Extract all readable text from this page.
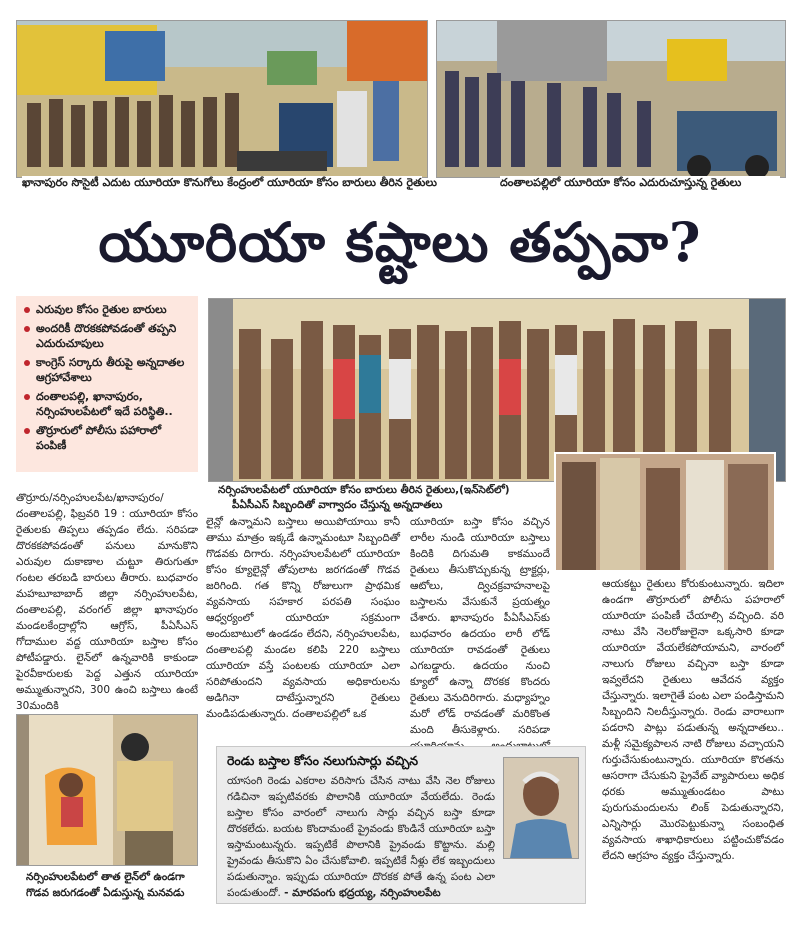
ఖానాపురం సొసైటీ ఎదుట యూరియా కొనుగోలు కేంద్రంలో యూరియా కోసం బారులు తీరిన రైతులు	దంతాలపల్లిలో యూరియా కోసం ఎదురుచూస్తున్న రైతులు
యూరియా కష్టాలు తప్పవా?
ఎరువుల కోసం రైతుల బారులు
అందరికీ దొరకకపోవడంతో తప్పని ఎదురుచూపులు
కాంగ్రెస్ సర్కారు తీరుపై అన్నదాతల ఆగ్రహావేశాలు
దంతాలపల్లి, ఖానాపురం, నర్సింహులపేటలో ఇదే పరిస్థితి..
తొర్రూరులో పోలీసు పహారాలో పంపిణీ
నర్సింహులపేటలో యూరియా కోసం బారులు తీరిన రైతులు,(ఇన్‌సెట్‌లో)
పీఏసీఎస్ సిబ్బందితో వాగ్వాదం చేస్తున్న అన్నదాతలు
తొర్రూరు/నర్సింహులపేట/ఖానాపురం/దంతాలపల్లి, ఫిబ్రవరి 19 : యూరియా కోసం రైతులకు తిప్పలు తప్పడం లేదు. సరిపడా దొరకకపోవడంతో పనులు మానుకొని ఎరువుల దుకాణాల చుట్టూ తిరుగుతూ గంటల తరబడి బారులు తీరారు. బుధవారం మహబూబాబాద్ జిల్లా నర్సింహులపేట, దంతాలపల్లి, వరంగల్ జిల్లా ఖానాపురం మండలకేంద్రాల్లోని ఆగ్రోస్, పీఏసీఎస్ గోదాముల వద్ద యూరియా బస్తాల కోసం పోటీపడ్డారు. లైన్‌లో ఉన్నవారికి కాకుండా పైరవీకారులకు పెద్ద ఎత్తున యూరియా అమ్ముతున్నారని, 300 ఉంచి బస్తాలు ఉంటే 30మందికి
లైన్లో ఉన్నామని బస్తాలు అయిపోయాయి కానీ తాము మాత్రం ఇక్కడే ఉన్నామంటూ సిబ్బందితో గొడవకు దిగారు. నర్సింహులపేటలో యూరియా కోసం క్యూలైన్లో తోపులాట జరగడంతో గొడవ జరిగింది. గత కొన్ని రోజులుగా ప్రాథమిక వ్యవసాయ సహకార పరపతి సంఘం ఆధ్వర్యంలో యూరియా సక్రమంగా అందుబాటులో ఉండడం లేదని, నర్సింహులపేట, దంతాలపల్లి మండల కలిపి 220 బస్తాలు యూరియా వస్తే పంటలకు యూరియా ఎలా సరిపోతుందని వ్యవసాయ అధికారులను అడిగినా దాటేస్తున్నారని రైతులు మండిపడుతున్నారు. దంతాలపల్లిలో ఒక
యూరియా బస్తా కోసం వచ్చిన లారీల నుండి యూరియా బస్తాలు కిందికి దిగుమతి కాకముందే రైతులు తీసుకొచ్చుకున్న ట్రాక్టర్లు, ఆటోలు, ద్విచక్రవాహనాలపై బస్తాలను వేసుకునే ప్రయత్నం చేశారు. ఖానాపురం పీఏసీఎస్‌కు బుధవారం ఉదయం లారీ లోడ్ యూరియా రావడంతో రైతులు ఎగబడ్డారు. ఉదయం నుంచి క్యూలో ఉన్నా దొరకక కొందరు రైతులు వెనుదిరిగారు. మధ్యాహ్నం మరో లోడ్ రావడంతో మరికొంత మంది తీసుకెళ్లారు. సరిపడా
ఆయకట్టు రైతులు కోరుకుంటున్నారు. ఇదిలా ఉండగా తొర్రూరులో పోలీసు పహరాలో యూరియా పంపిణీ చేయాల్సి వచ్చింది. వరి నాటు వేసి నెలరోజులైనా ఒక్కసారి కూడా యూరియా వేయలేకపోయామని, వారంలో నాలుగు రోజులు వచ్చినా బస్తా కూడా ఇవ్వలేదని రైతులు ఆవేదన వ్యక్తం చేస్తున్నారు. ఇలాగైతే పంట ఎలా పండిస్తామని సిబ్బందిని నిలదీస్తున్నారు. రెండు వారాలుగా పడరాని పాట్లు పడుతున్న అన్నదాతలు.. మళ్లీ సమైక్యపాలన నాటి రోజులు వచ్చాయని గుర్తుచేసుకుంటున్నారు. యూరియా కొరతను ఆసరాగా చేసుకుని ప్రైవేట్ వ్యాపారులు అధిక ధరకు అమ్ముతుండటం పాటు పురుగుమందులను లింక్ పెడుతున్నారని, ఎన్నిసార్లు మొరపెట్టుకున్నా సంబంధిత వ్యవసాయ శాఖాధికారులు పట్టించుకోవడం లేదని ఆగ్రహం వ్యక్తం చేస్తున్నారు.
నర్సింహులపేటలో తాత లైన్‌లో ఉండగా
గొడవ జరుగడంతో ఏడుస్తున్న మనవడు
రెండు బస్తాల కోసం నలుగుసార్లు వచ్చిన
యాసంగి రెండు ఎకరాల వరిసాగు చేసిన నాటు వేసి నెల రోజులు గడిచినా ఇప్పటివరకు పొలానికి యూరియా వేయలేదు. రెండు బస్తాల కోసం వారంలో నాలుగు సార్లు వచ్చిన బస్తా కూడా దొరకలేదు. బయట కొందామంటే ప్రైవండు కొండినే యూరియా బస్తా ఇస్తామంటున్నరు. ఇప్పటికే పొలానికి ప్రైవండు కొట్టాను. మల్లి ప్రైవండు తీసుకొని ఏం చేసుకోవాలి. ఇప్పటికే నీళ్లు లేక ఇబ్బందులు పడుతున్నాం. ఇప్పుడు యూరియా దొరకక పోతే ఉన్న పంట ఎలా పండుతుందో. - మారపంగు భద్రయ్య, నర్సింహులపేట
